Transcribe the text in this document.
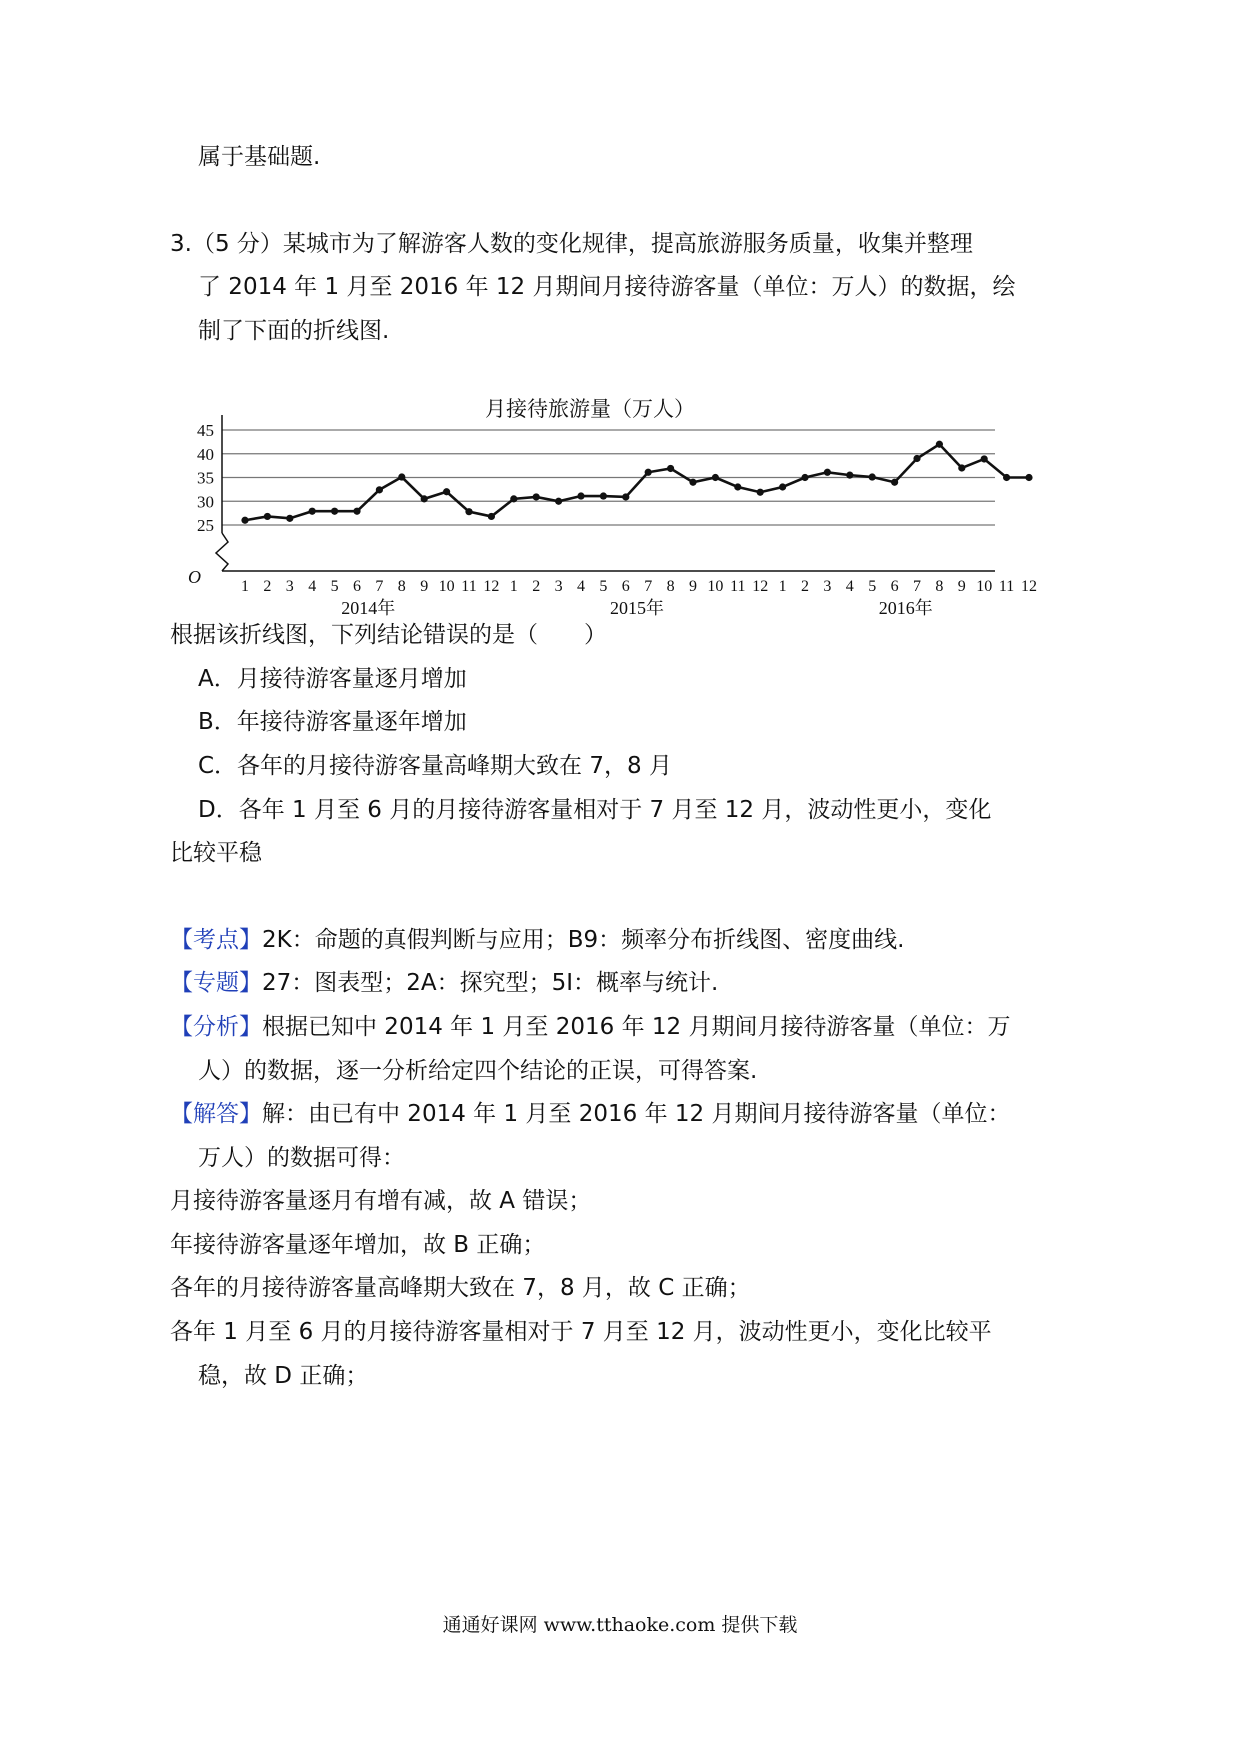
属于基础题.
3.（5 分）某城市为了解游客人数的变化规律，提高旅游服务质量，收集并整理
了 2014 年 1 月至 2016 年 12 月期间月接待游客量（单位：万人）的数据，绘
制了下面的折线图.
25
30
35
40
45
O
月接待旅游量（万人）
1 2 3 4 5 6 7 8 9 10 11 12 1 2 3 4 5 6 7 8 9 10 11 12 1 2 3 4 5 6 7 8 9 10 11 12
2014年	2015年	2016年
根据该折线图，下列结论错误的是（　　）
A．月接待游客量逐月增加
B．年接待游客量逐年增加
C．各年的月接待游客量高峰期大致在 7，8 月
D．各年 1 月至 6 月的月接待游客量相对于 7 月至 12 月，波动性更小，变化
比较平稳
【考点】2K：命题的真假判断与应用；B9：频率分布折线图、密度曲线.
【专题】27：图表型；2A：探究型；5I：概率与统计.
【分析】根据已知中 2014 年 1 月至 2016 年 12 月期间月接待游客量（单位：万
人）的数据，逐一分析给定四个结论的正误，可得答案.
【解答】解：由已有中 2014 年 1 月至 2016 年 12 月期间月接待游客量（单位：
万人）的数据可得：
月接待游客量逐月有增有减，故 A 错误；
年接待游客量逐年增加，故 B 正确；
各年的月接待游客量高峰期大致在 7，8 月，故 C 正确；
各年 1 月至 6 月的月接待游客量相对于 7 月至 12 月，波动性更小，变化比较平
稳，故 D 正确；
通通好课网 www.tthaoke.com 提供下载
